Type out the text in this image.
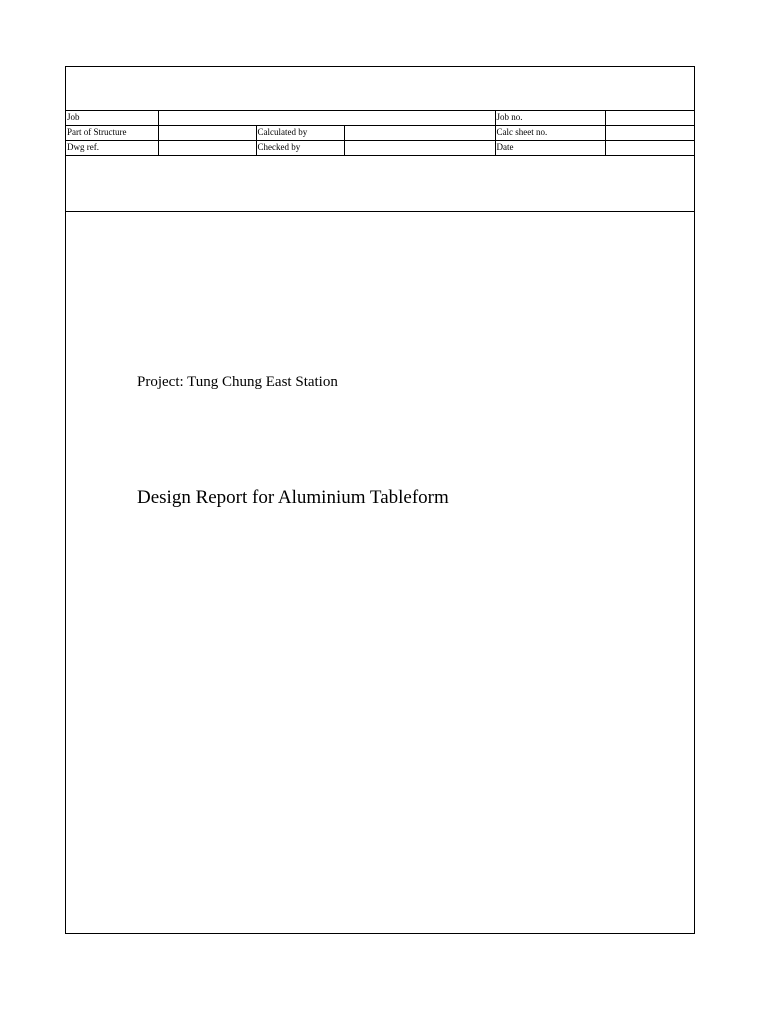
Job				Job no.	
Part of Structure		Calculated by		Calc sheet no.	
Dwg ref.		Checked by		Date	
Project: Tung Chung East Station
Design Report for Aluminium Tableform
